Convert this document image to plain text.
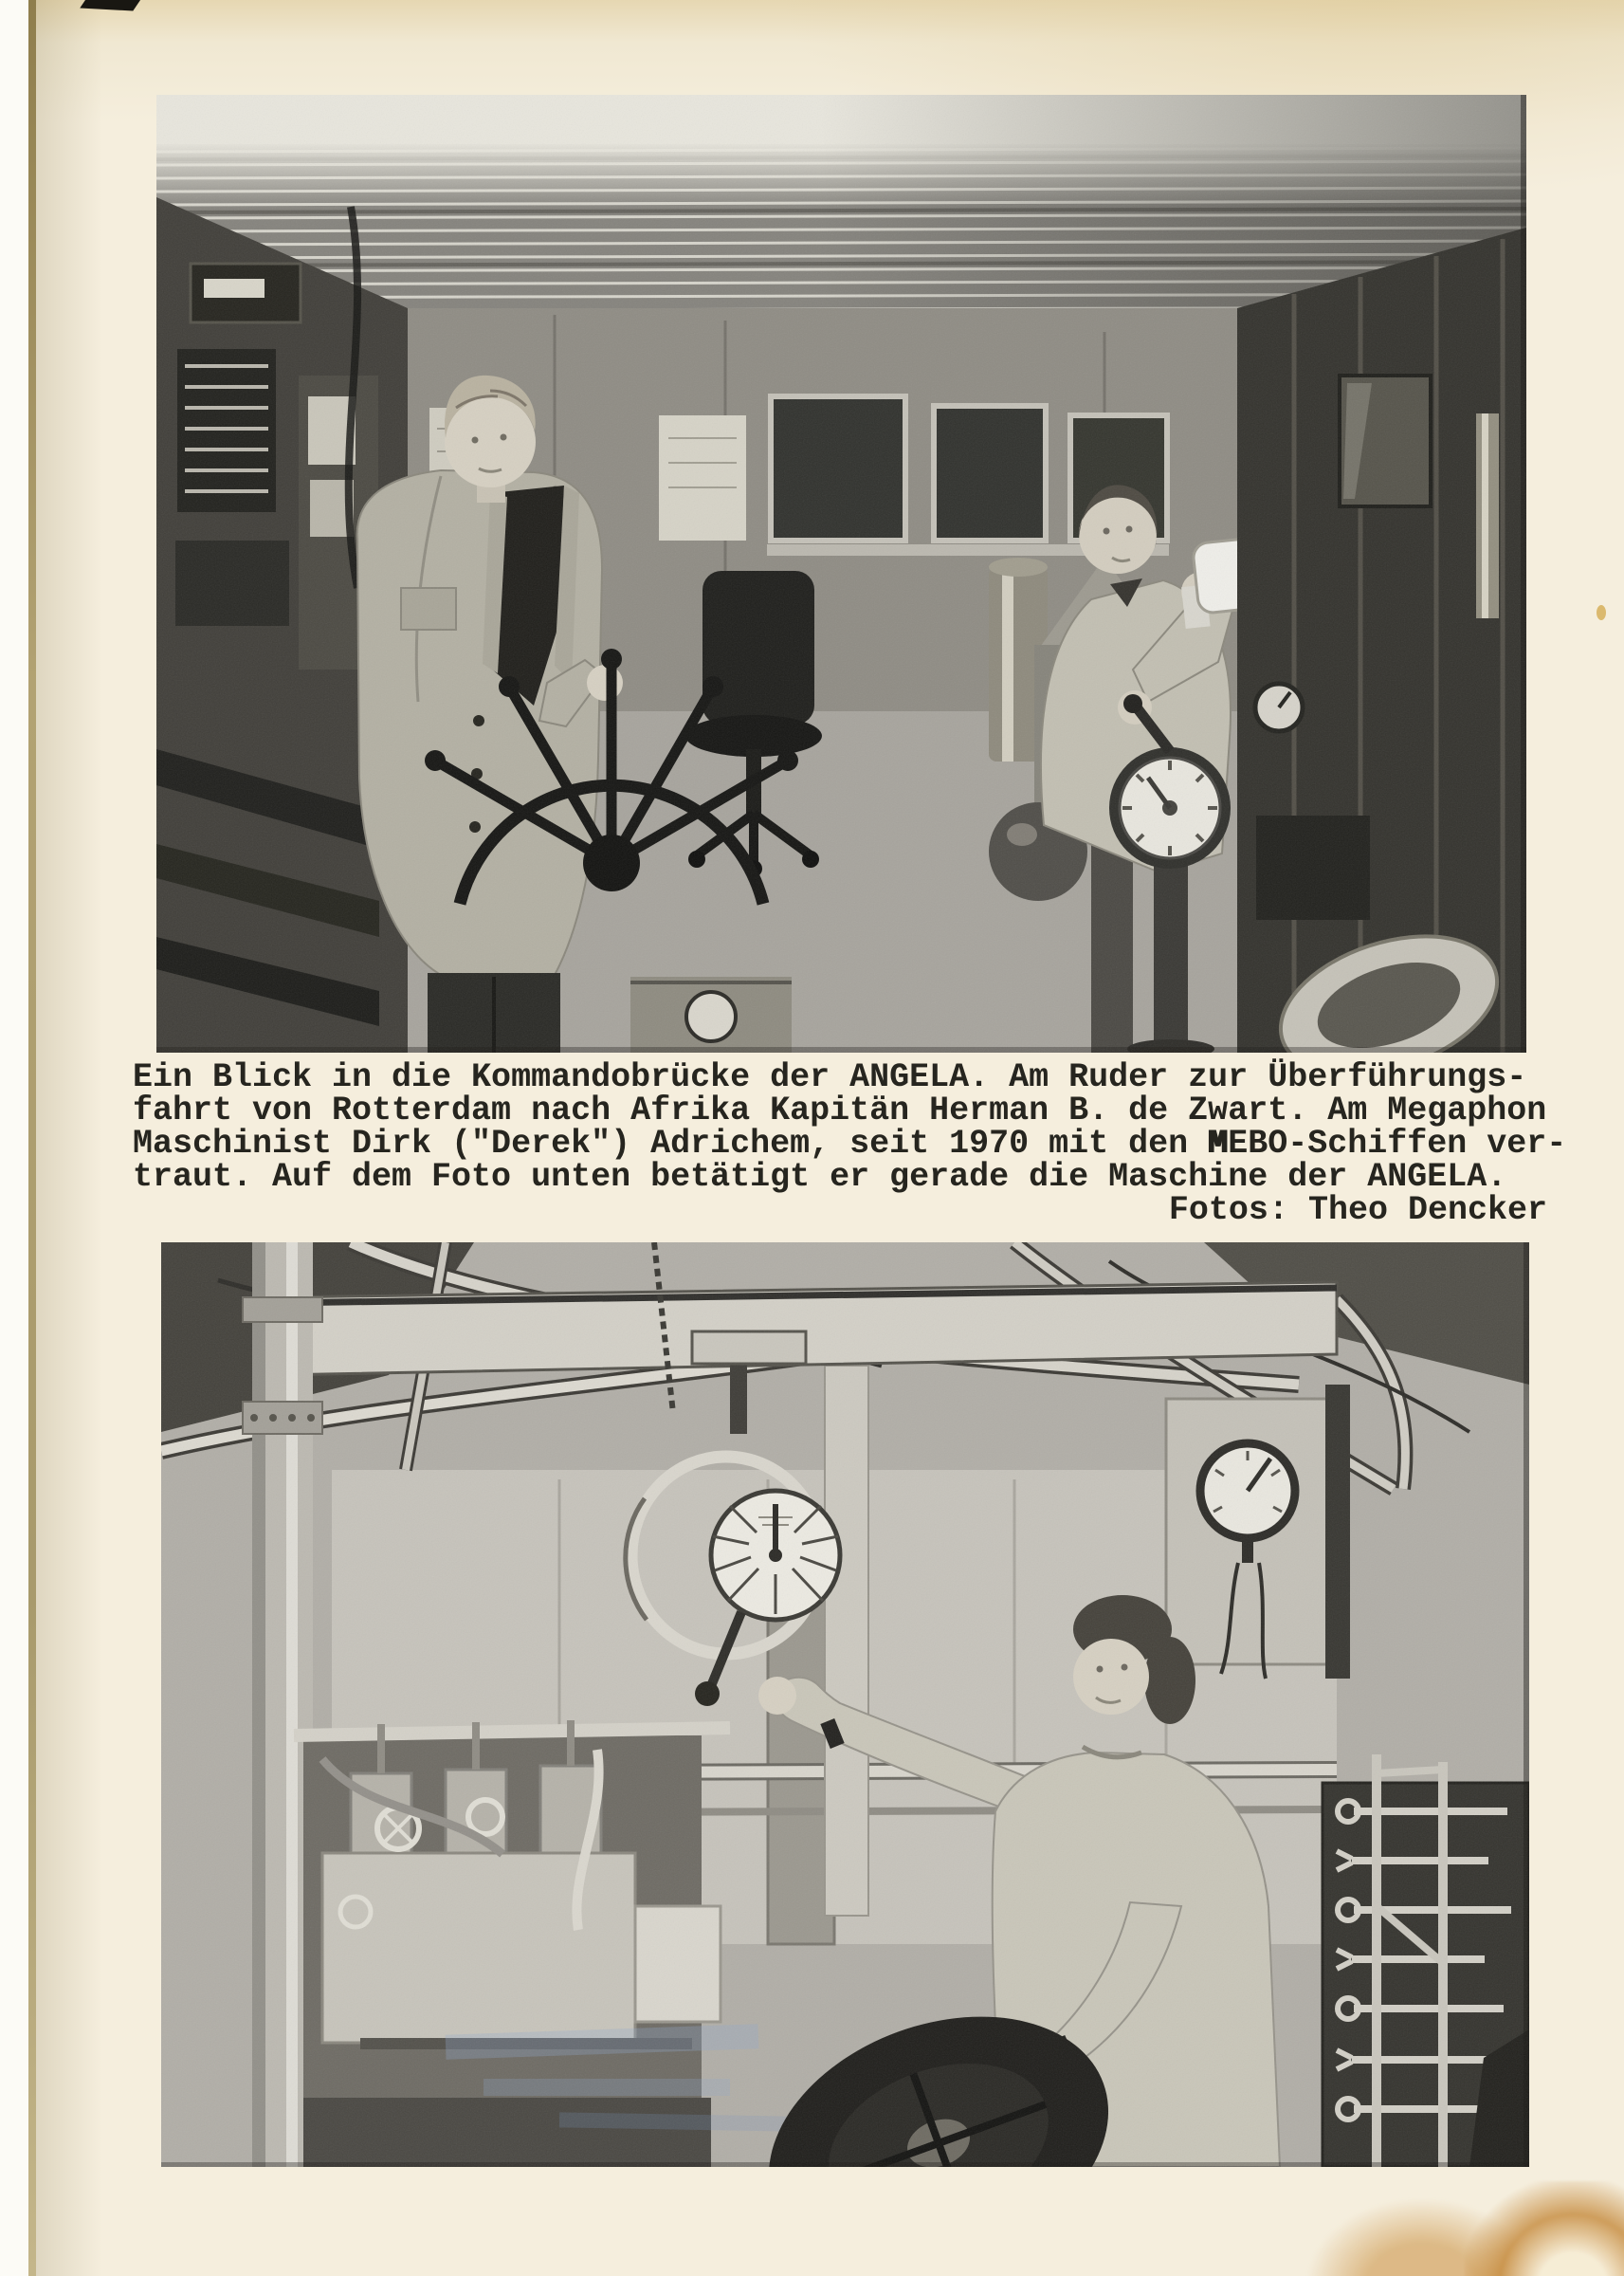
Ein Blick in die Kommandobrücke der ANGELA. Am Ruder zur Überführungs-
fahrt von Rotterdam nach Afrika Kapitän Herman B. de Zwart. Am Megaphon
Maschinist Dirk ("Derek") Adrichem, seit 1970 mit den MEBO-Schiffen ver-
traut. Auf dem Foto unten betätigt er gerade die Maschine der ANGELA.
Fotos: Theo Dencker
